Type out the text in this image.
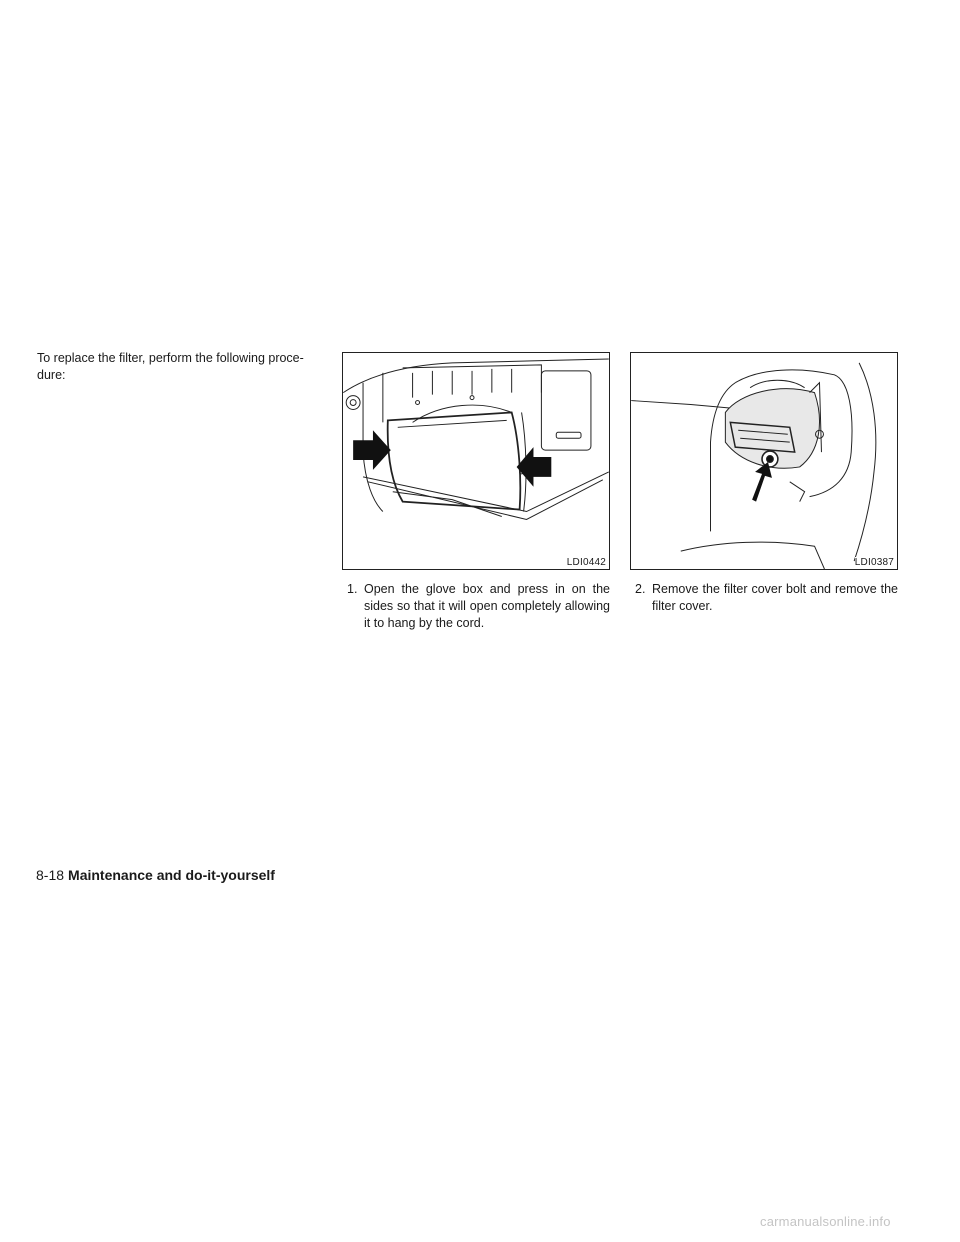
To replace the filter, perform the following proce-dure:

LDI0442	LDI0387
1. Open the glove box and press in on the sides so that it will open completely allowing it to hang by the cord.
2. Remove the filter cover bolt and remove the filter cover.
8-18 Maintenance and do-it-yourself
carmanualsonline.info
